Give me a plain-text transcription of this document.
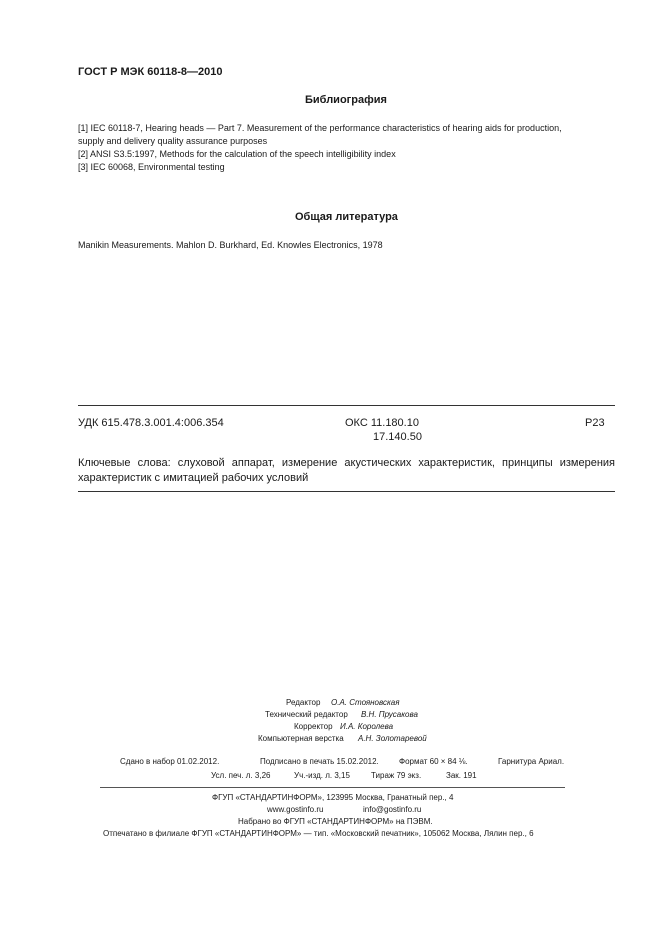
ГОСТ Р МЭК 60118-8—2010
Библиография
[1] IEC 60118-7, Hearing heads — Part 7. Measurement of the performance characteristics of hearing aids for production,
supply and delivery quality assurance purposes
[2] ANSI S3.5:1997, Methods for the calculation of the speech intelligibility index
[3] IEC 60068, Environmental testing
Общая литература
Manikin Measurements. Mahlon D. Burkhard, Ed. Knowles Electronics, 1978
УДК 615.478.3.001.4:006.354	ОКС 11.180.10
17.140.50
Р23
Ключевые слова: слуховой аппарат, измерение акустических характеристик, принципы измерения характеристик с имитацией рабочих условий
Редактор О.А. Стояновская
Технический редактор В.Н. Прусакова
Корректор И.А. Королева
Компьютерная верстка А.Н. Золотаревой
Сдано в набор 01.02.2012.	Подписано в печать 15.02.2012.	Формат 60 × 84 ⅛.	Гарнитура Ариал.
Усл. печ. л. 3,26	Уч.-изд. л. 3,15	Тираж 79 экз.	Зак. 191
ФГУП «СТАНДАРТИНФОРМ», 123995 Москва, Гранатный пер., 4
www.gostinfo.ru	info@gostinfo.ru
Набрано во ФГУП «СТАНДАРТИНФОРМ» на ПЭВМ.
Отпечатано в филиале ФГУП «СТАНДАРТИНФОРМ» — тип. «Московский печатник», 105062 Москва, Лялин пер., 6
